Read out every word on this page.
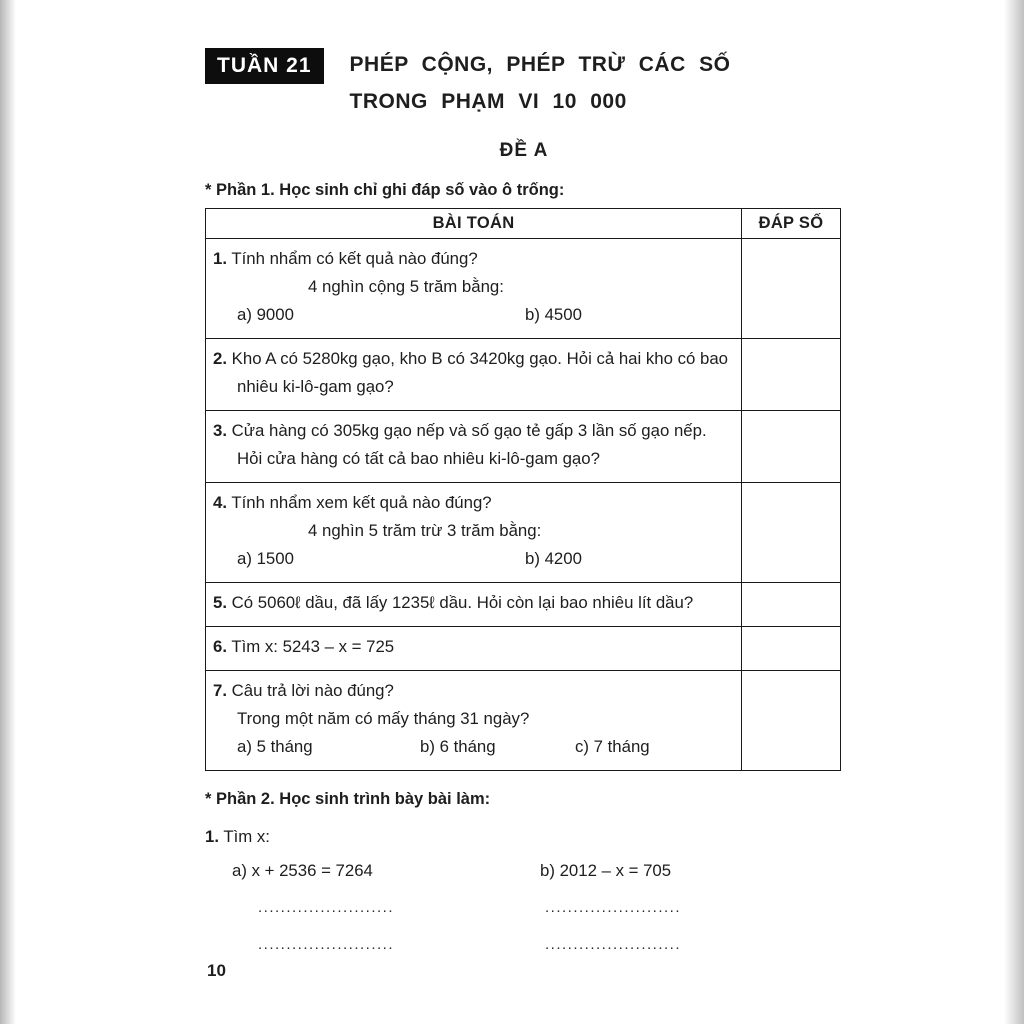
TUẦN 21	PHÉP CỘNG, PHÉP TRỪ CÁC SỐ
TRONG PHẠM VI 10 000
ĐỀ A
* Phần 1. Học sinh chỉ ghi đáp số vào ô trống:
BÀI TOÁN	ĐÁP SỐ

1. Tính nhẩm có kết quả nào đúng?

4 nghìn cộng 5 trăm bằng:

a) 9000 b) 4500	

2. Kho A có 5280kg gạo, kho B có 3420kg gạo. Hỏi cả hai kho có bao nhiêu ki-lô-gam gạo?	

3. Cửa hàng có 305kg gạo nếp và số gạo tẻ gấp 3 lần số gạo nếp. Hỏi cửa hàng có tất cả bao nhiêu ki-lô-gam gạo?	

4. Tính nhẩm xem kết quả nào đúng?

4 nghìn 5 trăm trừ 3 trăm bằng:

a) 1500 b) 4200	

5. Có 5060ℓ dầu, đã lấy 1235ℓ dầu. Hỏi còn lại bao nhiêu lít dầu?	

6. Tìm x: 5243 – x = 725	

7. Câu trả lời nào đúng?

Trong một năm có mấy tháng 31 ngày?

a) 5 tháng b) 6 tháng c) 7 tháng	

* Phần 2. Học sinh trình bày bài làm:

1. Tìm x:

a) x + 2536 = 7264	b) 2012 – x = 705
........................	........................
........................	........................
10
